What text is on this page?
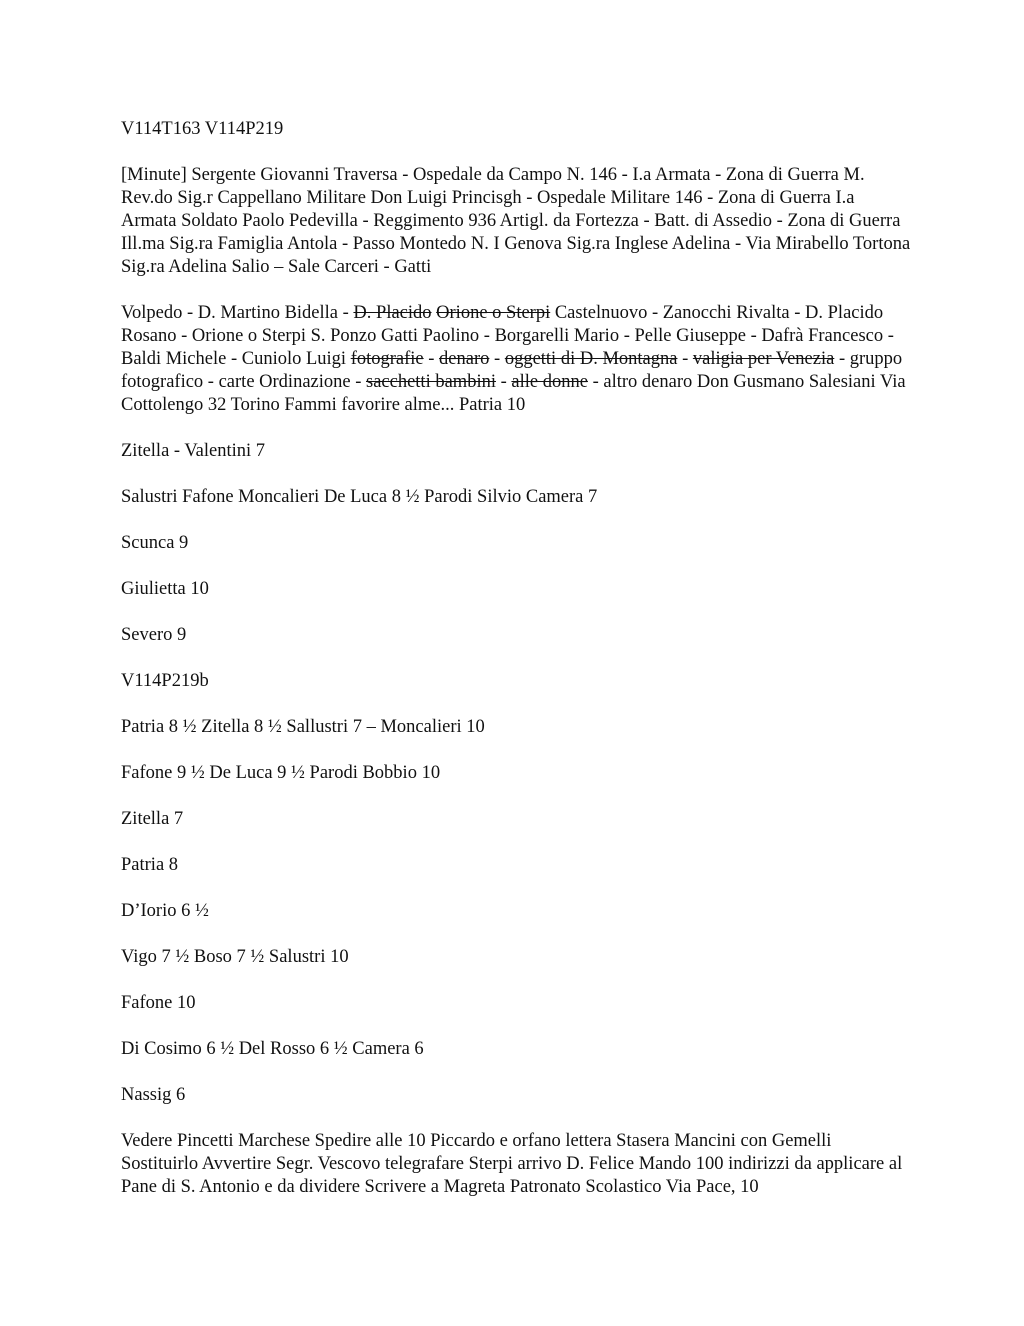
V114T163 V114P219

[Minute] Sergente Giovanni Traversa - Ospedale da Campo N. 146 - I.a Armata - Zona di Guerra M. Rev.do Sig.r Cappellano Militare Don Luigi Princisgh - Ospedale Militare 146 - Zona di Guerra I.a Armata Soldato Paolo Pedevilla - Reggimento 936 Artigl. da Fortezza - Batt. di Assedio - Zona di Guerra Ill.ma Sig.ra Famiglia Antola - Passo Montedo N. I Genova Sig.ra Inglese Adelina - Via Mirabello Tortona Sig.ra Adelina Salio – Sale Carceri - Gatti

Volpedo - D. Martino Bidella - D. Placido Orione o Sterpi Castelnuovo - Zanocchi Rivalta - D. Placido Rosano - Orione o Sterpi S. Ponzo Gatti Paolino - Borgarelli Mario - Pelle Giuseppe - Dafrà Francesco - Baldi Michele - Cuniolo Luigi fotografie - denaro - oggetti di D. Montagna - valigia per Venezia - gruppo fotografico - carte Ordinazione - sacchetti bambini - alle donne - altro denaro Don Gusmano Salesiani Via Cottolengo 32 Torino Fammi favorire alme... Patria 10

Zitella - Valentini 7

Salustri Fafone Moncalieri De Luca 8 ½ Parodi Silvio Camera 7

Scunca 9

Giulietta 10

Severo 9

V114P219b

Patria 8 ½ Zitella 8 ½ Sallustri 7 – Moncalieri 10

Fafone 9 ½ De Luca 9 ½ Parodi Bobbio 10

Zitella 7

Patria 8

D’Iorio 6 ½

Vigo 7 ½ Boso 7 ½ Salustri 10

Fafone 10

Di Cosimo 6 ½ Del Rosso 6 ½ Camera 6

Nassig 6

Vedere Pincetti Marchese Spedire alle 10 Piccardo e orfano lettera Stasera Mancini con Gemelli Sostituirlo Avvertire Segr. Vescovo telegrafare Sterpi arrivo D. Felice Mando 100 indirizzi da applicare al Pane di S. Antonio e da dividere Scrivere a Magreta Patronato Scolastico Via Pace, 10
